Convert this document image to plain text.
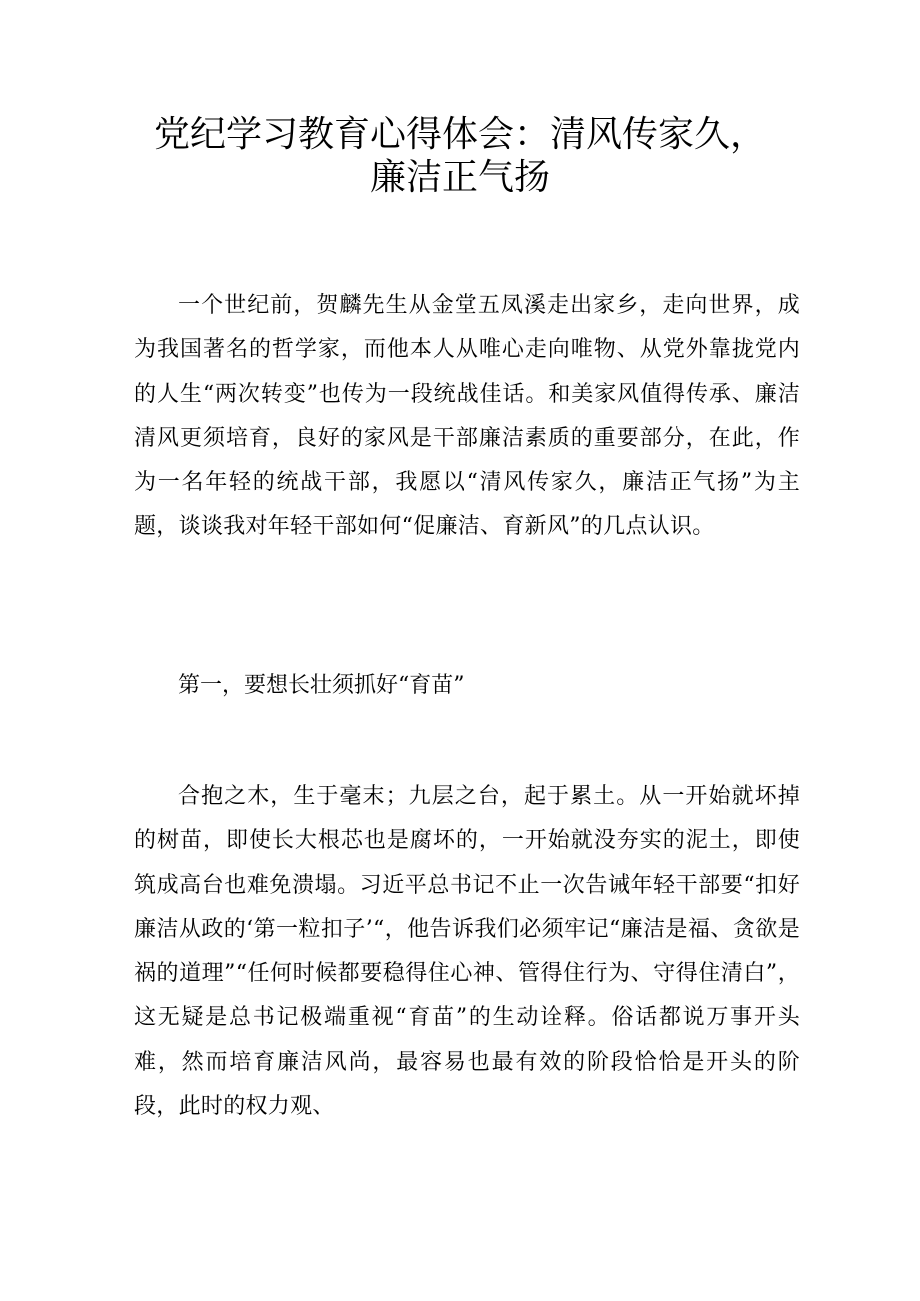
党纪学习教育心得体会：清风传家久，
廉洁正气扬

一个世纪前，贺麟先生从金堂五凤溪走出家乡，走向世界，成为我国著名的哲学家，而他本人从唯心走向唯物、从党外靠拢党内的人生“两次转变”也传为一段统战佳话。和美家风值得传承、廉洁清风更须培育，良好的家风是干部廉洁素质的重要部分，在此，作为一名年轻的统战干部，我愿以“清风传家久，廉洁正气扬”为主题，谈谈我对年轻干部如何“促廉洁、育新风”的几点认识。

第一，要想长壮须抓好“育苗”

合抱之木，生于毫末；九层之台，起于累土。从一开始就坏掉的树苗，即使长大根芯也是腐坏的，一开始就没夯实的泥土，即使筑成高台也难免溃塌。习近平总书记不止一次告诫年轻干部要“扣好廉洁从政的‘第一粒扣子’“，他告诉我们必须牢记“廉洁是福、贪欲是祸的道理”“任何时候都要稳得住心神、管得住行为、守得住清白”，这无疑是总书记极端重视“育苗”的生动诠释。俗话都说万事开头难，然而培育廉洁风尚，最容易也最有效的阶段恰恰是开头的阶段，此时的权力观、
